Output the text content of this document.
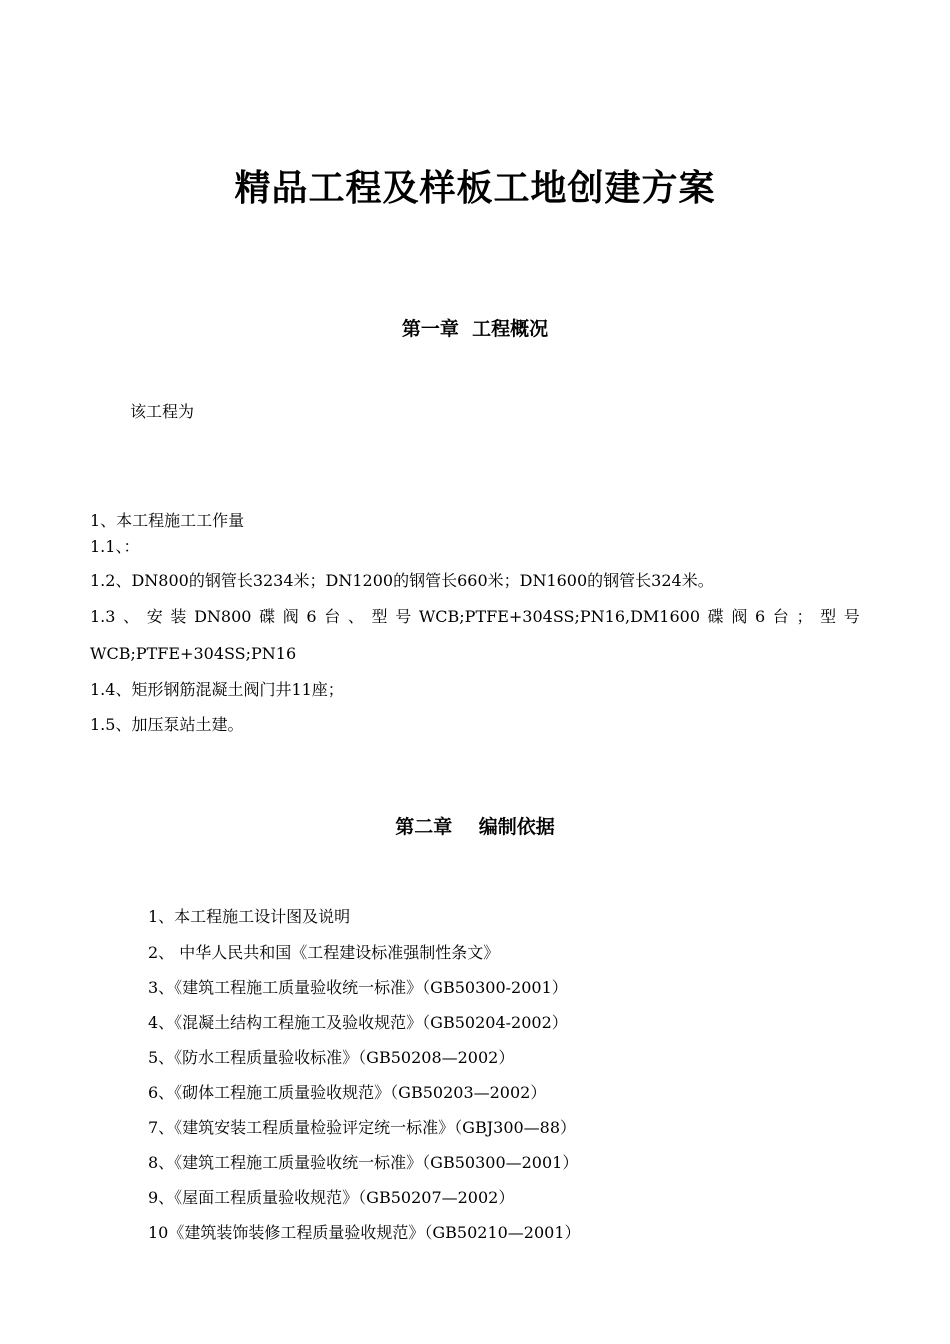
精品工程及样板工地创建方案
第一章  工程概况
该工程为
1、本工程施工工作量
1.1、：
1.2、DN800的钢管长3234米；DN1200的钢管长660米；DN1600的钢管长324米。
1.3 、 安 装 DN800 碟 阀 6 台 、 型 号 WCB;PTFE+304SS;PN16,DM1600 碟 阀 6 台 ； 型 号
WCB;PTFE+304SS;PN16
1.4、矩形钢筋混凝土阀门井11座；
1.5、加压泵站土建。
第二章    编制依据
1、本工程施工设计图及说明
2、 中华人民共和国《工程建设标准强制性条文》
3、《建筑工程施工质量验收统一标准》（GB50300-2001）
4、《混凝土结构工程施工及验收规范》（GB50204-2002）
5、《防水工程质量验收标准》（GB50208—2002）
6、《砌体工程施工质量验收规范》（GB50203—2002）
7、《建筑安装工程质量检验评定统一标准》（GBJ300—88）
8、《建筑工程施工质量验收统一标准》（GB50300—2001）
9、《屋面工程质量验收规范》（GB50207—2002）
10《建筑装饰装修工程质量验收规范》（GB50210—2001）
